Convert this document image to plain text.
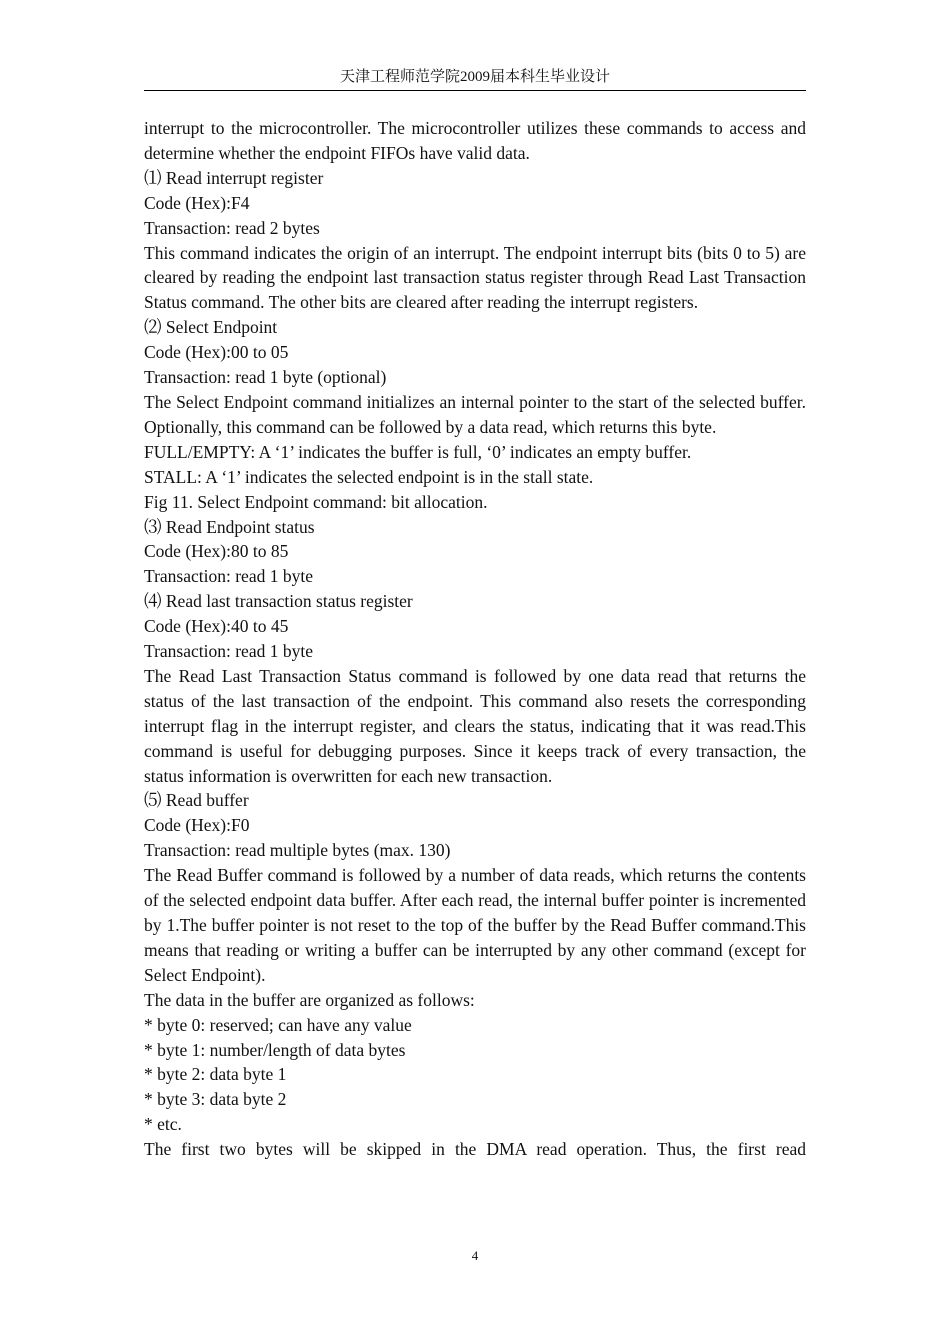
天津工程师范学院2009届本科生毕业设计

interrupt to the microcontroller. The microcontroller utilizes these commands to access and determine whether the endpoint FIFOs have valid data.

⑴ Read interrupt register

Code (Hex):F4

Transaction: read 2 bytes

This command indicates the origin of an interrupt. The endpoint interrupt bits (bits 0 to 5) are cleared by reading the endpoint last transaction status register through Read Last Transaction Status command. The other bits are cleared after reading the interrupt registers.

⑵ Select Endpoint

Code (Hex):00 to 05

Transaction: read 1 byte (optional)

The Select Endpoint command initializes an internal pointer to the start of the selected buffer. Optionally, this command can be followed by a data read, which returns this byte.

FULL/EMPTY: A ‘1’ indicates the buffer is full, ‘0’ indicates an empty buffer.

STALL: A ‘1’ indicates the selected endpoint is in the stall state.

Fig 11. Select Endpoint command: bit allocation.

⑶ Read Endpoint status

Code (Hex):80 to 85

Transaction: read 1 byte

⑷ Read last transaction status register

Code (Hex):40 to 45

Transaction: read 1 byte

The Read Last Transaction Status command is followed by one data read that returns the status of the last transaction of the endpoint. This command also resets the corresponding interrupt flag in the interrupt register, and clears the status, indicating that it was read.This command is useful for debugging purposes. Since it keeps track of every transaction, the status information is overwritten for each new transaction.

⑸ Read buffer

Code (Hex):F0

Transaction: read multiple bytes (max. 130)

The Read Buffer command is followed by a number of data reads, which returns the contents of the selected endpoint data buffer. After each read, the internal buffer pointer is incremented by 1.The buffer pointer is not reset to the top of the buffer by the Read Buffer command.This means that reading or writing a buffer can be interrupted by any other command (except for Select Endpoint).

The data in the buffer are organized as follows:

* byte 0: reserved; can have any value

* byte 1: number/length of data bytes

* byte 2: data byte 1

* byte 3: data byte 2

* etc.

The first two bytes will be skipped in the DMA read operation. Thus, the first read

4
